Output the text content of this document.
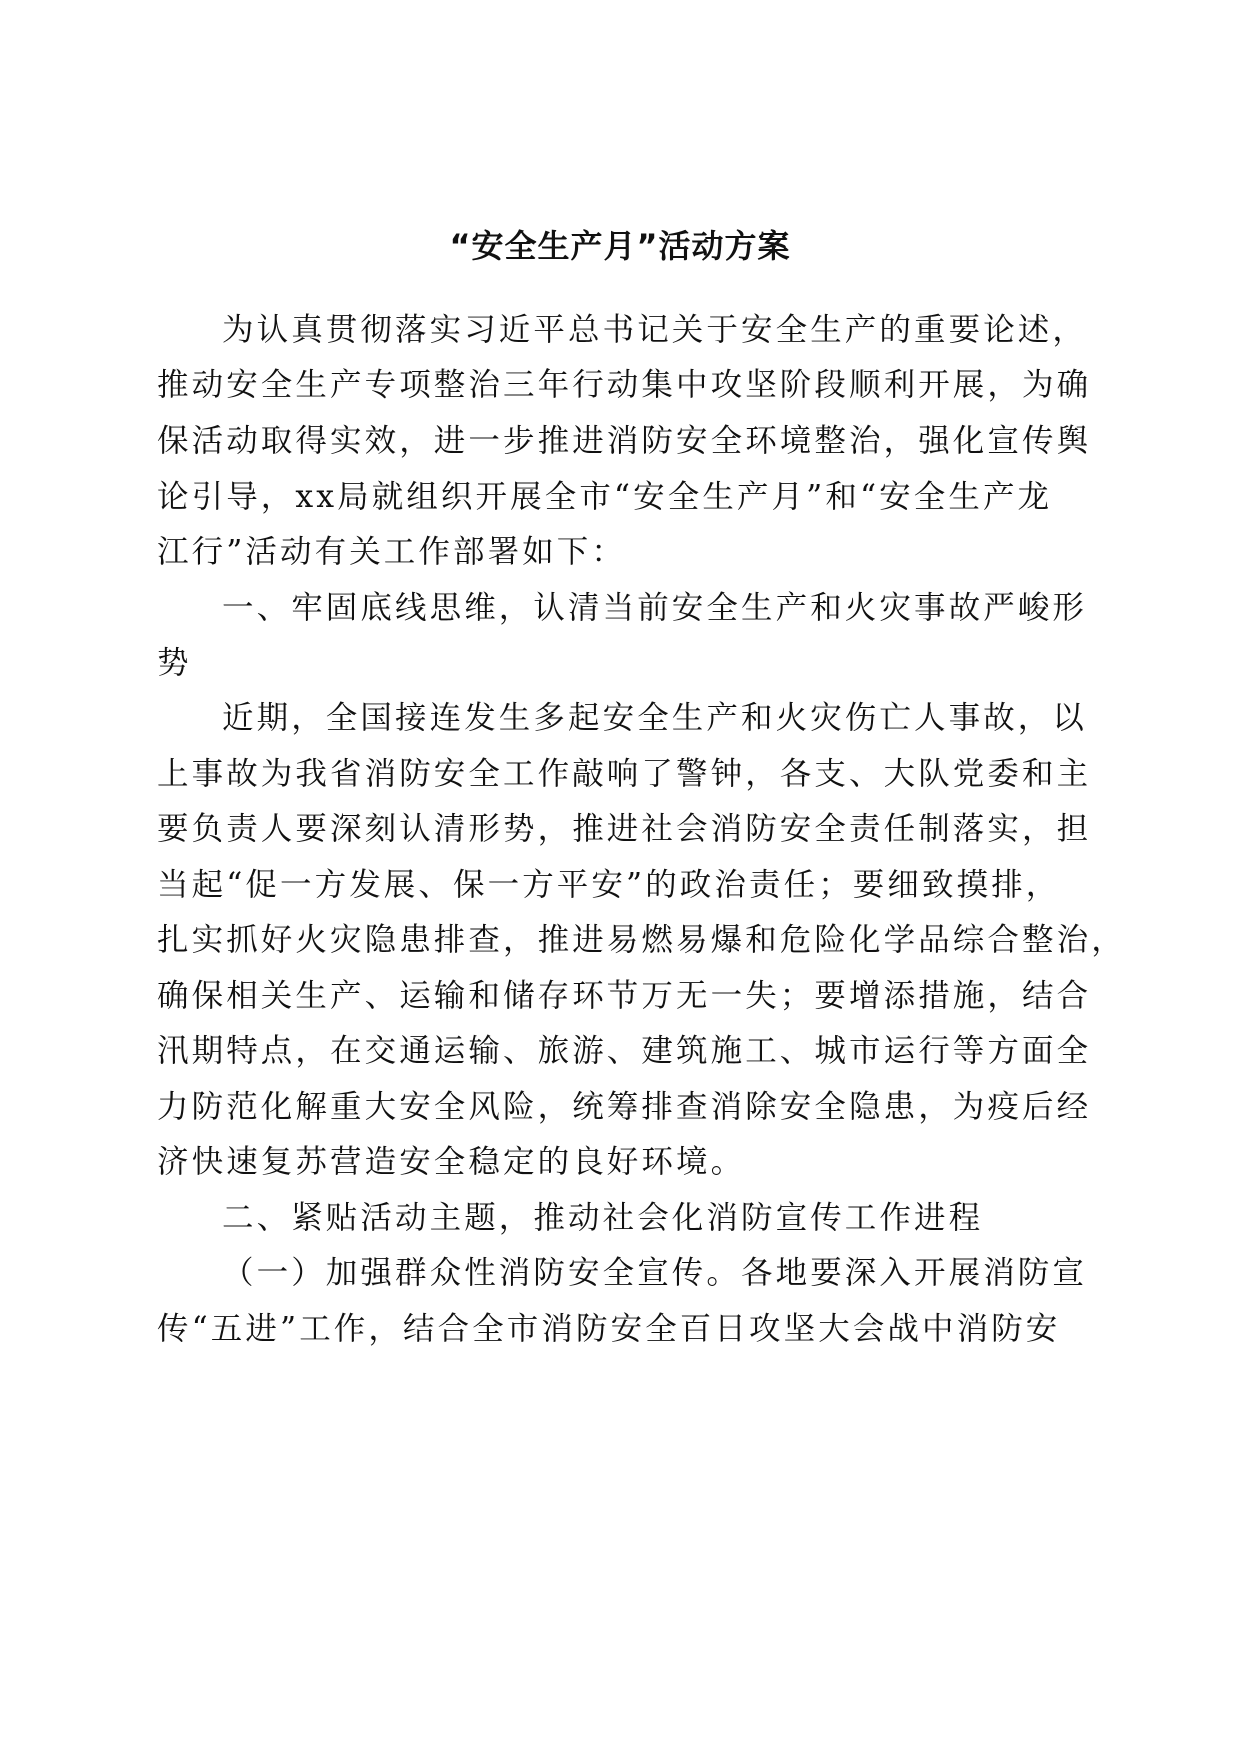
“安全生产月”活动方案
为认真贯彻落实习近平总书记关于安全生产的重要论述，
推动安全生产专项整治三年行动集中攻坚阶段顺利开展，为确
保活动取得实效，进一步推进消防安全环境整治，强化宣传舆
论引导，xx局就组织开展全市“安全生产月”和“安全生产龙
江行”活动有关工作部署如下：
一、牢固底线思维，认清当前安全生产和火灾事故严峻形
势
近期，全国接连发生多起安全生产和火灾伤亡人事故，以
上事故为我省消防安全工作敲响了警钟，各支、大队党委和主
要负责人要深刻认清形势，推进社会消防安全责任制落实，担
当起“促一方发展、保一方平安”的政治责任；要细致摸排，
扎实抓好火灾隐患排查，推进易燃易爆和危险化学品综合整治，
确保相关生产、运输和储存环节万无一失；要增添措施，结合
汛期特点，在交通运输、旅游、建筑施工、城市运行等方面全
力防范化解重大安全风险，统筹排查消除安全隐患，为疫后经
济快速复苏营造安全稳定的良好环境。
二、紧贴活动主题，推动社会化消防宣传工作进程
（一）加强群众性消防安全宣传。各地要深入开展消防宣
传“五进”工作，结合全市消防安全百日攻坚大会战中消防安
